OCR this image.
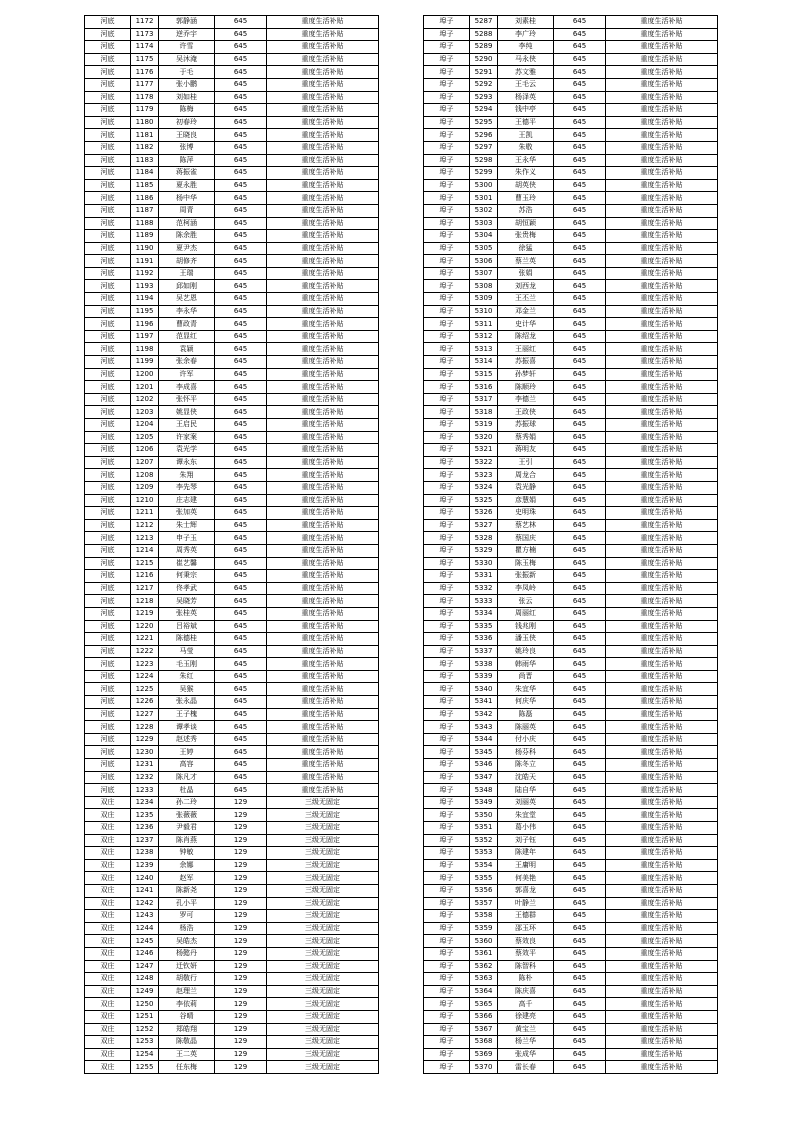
河底	1172	郭静涵	645	重度生活补贴
河底	1173	逆乔宇	645	重度生活补贴
河底	1174	许雪	645	重度生活补贴
河底	1175	吴沐淹	645	重度生活补贴
河底	1176	于毛	645	重度生活补贴
河底	1177	张小鹏	645	重度生活补贴
河底	1178	刘如桂	645	重度生活补贴
河底	1179	陈梅	645	重度生活补贴
河底	1180	初春玲	645	重度生活补贴
河底	1181	王晓良	645	重度生活补贴
河底	1182	张博	645	重度生活补贴
河底	1183	陈萍	645	重度生活补贴
河底	1184	蒋振雀	645	重度生活补贴
河底	1185	夏永胜	645	重度生活补贴
河底	1186	杨中华	645	重度生活补贴
河底	1187	周青	645	重度生活补贴
河底	1188	范柯涵	645	重度生活补贴
河底	1189	陈余胜	645	重度生活补贴
河底	1190	夏尹杰	645	重度生活补贴
河底	1191	胡修齐	645	重度生活补贴
河底	1192	王瑞	645	重度生活补贴
河底	1193	邱如刚	645	重度生活补贴
河底	1194	吴艺恩	645	重度生活补贴
河底	1195	李永华	645	重度生活补贴
河底	1196	曹政青	645	重度生活补贴
河底	1197	范显红	645	重度生活补贴
河底	1198	袁颖	645	重度生活补贴
河底	1199	张余春	645	重度生活补贴
河底	1200	许军	645	重度生活补贴
河底	1201	李成喜	645	重度生活补贴
河底	1202	张怀平	645	重度生活补贴
河底	1203	姚显侠	645	重度生活补贴
河底	1204	王启民	645	重度生活补贴
河底	1205	许家案	645	重度生活补贴
河底	1206	袁光学	645	重度生活补贴
河底	1207	谭永东	645	重度生活补贴
河底	1208	朱翔	645	重度生活补贴
河底	1209	李先琴	645	重度生活补贴
河底	1210	庄志建	645	重度生活补贴
河底	1211	张加英	645	重度生活补贴
河底	1212	朱士辉	645	重度生活补贴
河底	1213	申子玉	645	重度生活补贴
河底	1214	周秀英	645	重度生活补贴
河底	1215	崔艺馨	645	重度生活补贴
河底	1216	何秉宗	645	重度生活补贴
河底	1217	佟孝武	645	重度生活补贴
河底	1218	吴晓芳	645	重度生活补贴
河底	1219	张桂英	645	重度生活补贴
河底	1220	吕裕斌	645	重度生活补贴
河底	1221	陈德桂	645	重度生活补贴
河底	1222	马莹	645	重度生活补贴
河底	1223	毛玉刚	645	重度生活补贴
河底	1224	朱红	645	重度生活补贴
河底	1225	吴猴	645	重度生活补贴
河底	1226	张永晶	645	重度生活补贴
河底	1227	王子槐	645	重度生活补贴
河底	1228	谭孝谈	645	重度生活补贴
河底	1229	赵述秀	645	重度生活补贴
河底	1230	王婷	645	重度生活补贴
河底	1231	高容	645	重度生活补贴
河底	1232	陈凡才	645	重度生活补贴
河底	1233	杜晶	645	重度生活补贴
双庄	1234	孙二玲	129	三级无固定
双庄	1235	张薇薇	129	三级无固定
双庄	1236	尹毅君	129	三级无固定
双庄	1237	陈肖燕	129	三级无固定
双庄	1238	钟敏	129	三级无固定
双庄	1239	余娜	129	三级无固定
双庄	1240	赵军	129	三级无固定
双庄	1241	陈新尧	129	三级无固定
双庄	1242	孔小平	129	三级无固定
双庄	1243	罗可	129	三级无固定
双庄	1244	杨浩	129	三级无固定
双庄	1245	吴皓杰	129	三级无固定
双庄	1246	杨懿丹	129	三级无固定
双庄	1247	迁钦妍	129	三级无固定
双庄	1248	胡敬行	129	三级无固定
双庄	1249	赵理兰	129	三级无固定
双庄	1250	李依莉	129	三级无固定
双庄	1251	谷晴	129	三级无固定
双庄	1252	郑皓翔	129	三级无固定
双庄	1253	陈敬晶	129	三级无固定
双庄	1254	王二英	129	三级无固定
双庄	1255	任东梅	129	三级无固定
埠子	5287	刘素桂	645	重度生活补贴
埠子	5288	李广玲	645	重度生活补贴
埠子	5289	李纯	645	重度生活补贴
埠子	5290	马永侠	645	重度生活补贴
埠子	5291	苏文雅	645	重度生活补贴
埠子	5292	王毛云	645	重度生活补贴
埠子	5293	杨泽英	645	重度生活补贴
埠子	5294	钱中亭	645	重度生活补贴
埠子	5295	王德平	645	重度生活补贴
埠子	5296	王凯	645	重度生活补贴
埠子	5297	朱敬	645	重度生活补贴
埠子	5298	王永华	645	重度生活补贴
埠子	5299	朱作义	645	重度生活补贴
埠子	5300	胡英侠	645	重度生活补贴
埠子	5301	曹玉玲	645	重度生活补贴
埠子	5302	苏浩	645	重度生活补贴
埠子	5303	胡恒颖	645	重度生活补贴
埠子	5304	张贵梅	645	重度生活补贴
埠子	5305	徐猛	645	重度生活补贴
埠子	5306	蔡兰英	645	重度生活补贴
埠子	5307	张娟	645	重度生活补贴
埠子	5308	刘西龙	645	重度生活补贴
埠子	5309	王丕兰	645	重度生活补贴
埠子	5310	邓金兰	645	重度生活补贴
埠子	5311	史计华	645	重度生活补贴
埠子	5312	陈绍龙	645	重度生活补贴
埠子	5313	王丽红	645	重度生活补贴
埠子	5314	苏振喜	645	重度生活补贴
埠子	5315	孙梦轩	645	重度生活补贴
埠子	5316	陈顺玲	645	重度生活补贴
埠子	5317	李德兰	645	重度生活补贴
埠子	5318	王政侠	645	重度生活补贴
埠子	5319	苏振球	645	重度生活补贴
埠子	5320	蔡秀娟	645	重度生活补贴
埠子	5321	蒋明友	645	重度生活补贴
埠子	5322	王引	645	重度生活补贴
埠子	5323	周龙合	645	重度生活补贴
埠子	5324	袁光静	645	重度生活补贴
埠子	5325	彦慧娟	645	重度生活补贴
埠子	5326	史明珠	645	重度生活补贴
埠子	5327	蔡艺林	645	重度生活补贴
埠子	5328	蔡国庆	645	重度生活补贴
埠子	5329	瞿方楠	645	重度生活补贴
埠子	5330	陈玉梅	645	重度生活补贴
埠子	5331	张振新	645	重度生活补贴
埠子	5332	李凤岭	645	重度生活补贴
埠子	5333	张云	645	重度生活补贴
埠子	5334	周丽红	645	重度生活补贴
埠子	5335	钱兆刚	645	重度生活补贴
埠子	5336	潘玉侠	645	重度生活补贴
埠子	5337	姚玲良	645	重度生活补贴
埠子	5338	韩雨华	645	重度生活补贴
埠子	5339	尚晋	645	重度生活补贴
埠子	5340	朱宜华	645	重度生活补贴
埠子	5341	何庆华	645	重度生活补贴
埠子	5342	陈磊	645	重度生活补贴
埠子	5343	陈丽英	645	重度生活补贴
埠子	5344	付小庆	645	重度生活补贴
埠子	5345	杨芬科	645	重度生活补贴
埠子	5346	陈冬立	645	重度生活补贴
埠子	5347	沈皓天	645	重度生活补贴
埠子	5348	陆自华	645	重度生活补贴
埠子	5349	刘丽英	645	重度生活补贴
埠子	5350	朱宜堂	645	重度生活补贴
埠子	5351	葛小伟	645	重度生活补贴
埠子	5352	刘子钰	645	重度生活补贴
埠子	5353	陈建年	645	重度生活补贴
埠子	5354	王庸明	645	重度生活补贴
埠子	5355	何美艳	645	重度生活补贴
埠子	5356	郭喜龙	645	重度生活补贴
埠子	5357	叶静兰	645	重度生活补贴
埠子	5358	王德群	645	重度生活补贴
埠子	5359	邵玉环	645	重度生活补贴
埠子	5360	蔡效良	645	重度生活补贴
埠子	5361	蔡效平	645	重度生活补贴
埠子	5362	陈智科	645	重度生活补贴
埠子	5363	陈朴	645	重度生活补贴
埠子	5364	陈庆喜	645	重度生活补贴
埠子	5365	高千	645	重度生活补贴
埠子	5366	徐建亮	645	重度生活补贴
埠子	5367	黄宝兰	645	重度生活补贴
埠子	5368	杨兰华	645	重度生活补贴
埠子	5369	张成华	645	重度生活补贴
埠子	5370	雷长春	645	重度生活补贴
